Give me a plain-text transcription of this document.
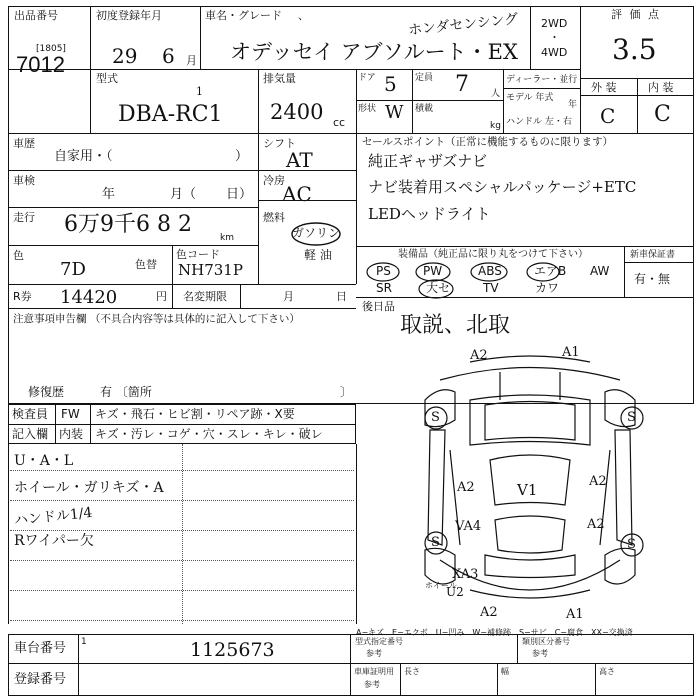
出品番号
[1805]
7012
初度登録年月
29 6 月
車名・グレード 、	ホンダセンシング
オデッセイ アブソルート・EX
2WD
・
4WD
評 価 点
3.5
外 装	内 装
C C
型式
1
DBA-RC1
排気量
2400 cc
ドア 5 定員 7 人
形状 W 積載
kg
ディーラー・並行
モデル 年式
年
ハンドル 左・右
車歴
自家用・（	）
車検
年	月（ 日）
走行 6万9千6 8 2
km
色
7D	色替
色コード
NH731P
R券 14420	円 名変期限	月	日
注意事項申告欄 （不具合内容等は具体的に記入して下さい）
修復歴	有 〔箇所	〕
シフト
AT
冷房
AC
燃料
ガソリン
軽 油
セールスポイント（正常に機能するものに限ります）
純正ギャザズナビ
ナビ装着用スペシャルパッケージ+ETC
LEDヘッドライト
装備品（純正品に限り丸をつけて下さい）	新車保証書
有・無
PS	PW	ABS	エアB AW
SR	大セ	TV	カワ
後日品
取説、北取
検査員
記入欄
FW キズ・飛石・ヒビ割・リペア跡・X要
内装 キズ・汚レ・コゲ・穴・スレ・キレ・破レ
U・A・L
ホイール・ガリキズ・A
ハンドル1/4
Rワイパー欠
A2	A1
S	S
A2	V1	A2
VA4	A2
S	S
XA3
U2
A2	A1
ホイール
A−キズ　E−エクボ　U−凹み　W−補修跡　S−サビ　C−腐食　XX−交換済
車台番号 1	1125673
登録番号
型式指定番号
参考
類別区分番号
参考
車庫証明用
参考
長さ	幅	高さ
